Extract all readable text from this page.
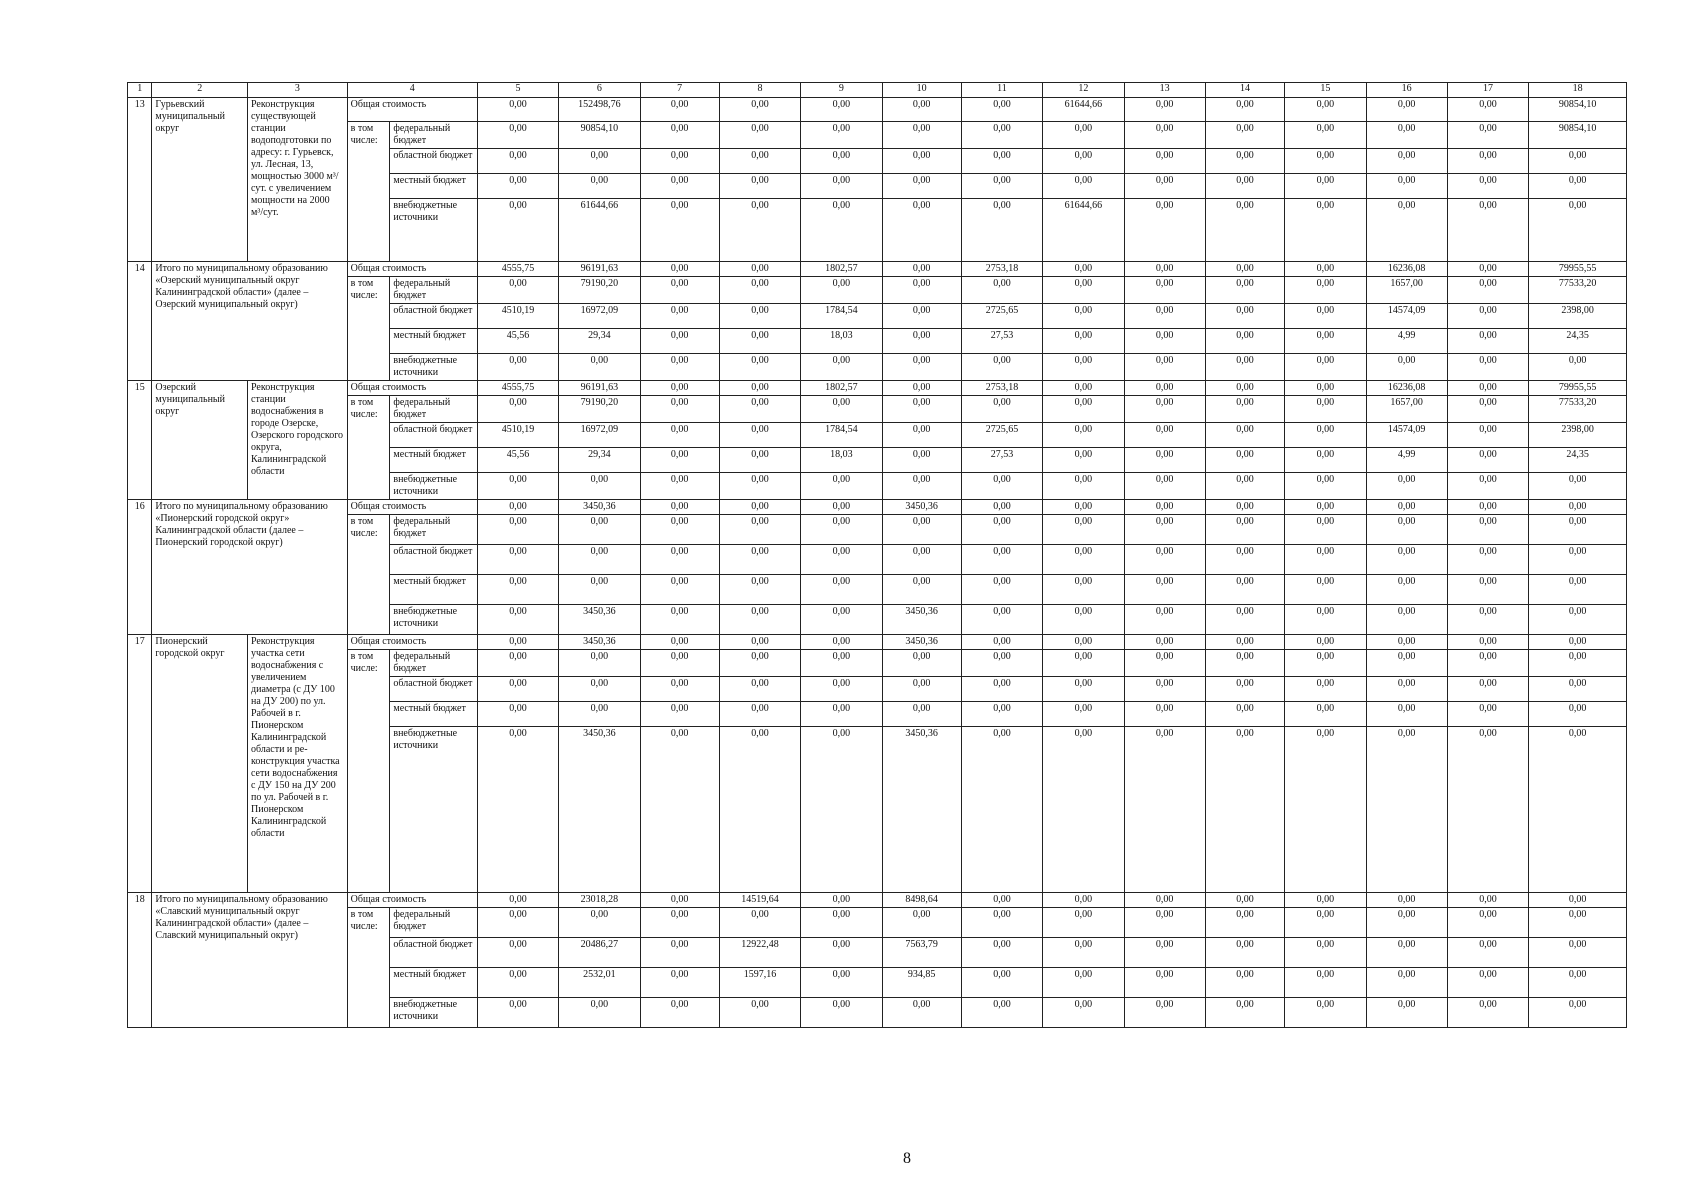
1	2	3	4		5	6	7	8	9	10	11	12	13	14	15	16	17	18
13	Гурьевский муниципальный округ	Реконструкция существующей станции водоподготовки по адресу: г. Гурьевск, ул. Лесная, 13, мощностью 3000 м³/сут. с увеличением мощности на 2000 м³/сут.	Общая стоимость		0,00	152498,76	0,00	0,00	0,00	0,00	0,00	61644,66	0,00	0,00	0,00	0,00	0,00	90854,10
			в том числе:	федеральный бюджет	0,00	90854,10	0,00	0,00	0,00	0,00	0,00	0,00	0,00	0,00	0,00	0,00	0,00	90854,10
				областной бюджет	0,00	0,00	0,00	0,00	0,00	0,00	0,00	0,00	0,00	0,00	0,00	0,00	0,00	0,00
				местный бюджет	0,00	0,00	0,00	0,00	0,00	0,00	0,00	0,00	0,00	0,00	0,00	0,00	0,00	0,00
				внебюджетные источники	0,00	61644,66	0,00	0,00	0,00	0,00	0,00	61644,66	0,00	0,00	0,00	0,00	0,00	0,00
14	Итого по муниципальному образованию «Озерский муниципальный округ Калининградской области» (далее – Озерский муниципальный округ)		Общая стоимость		4555,75	96191,63	0,00	0,00	1802,57	0,00	2753,18	0,00	0,00	0,00	0,00	16236,08	0,00	79955,55
			в том числе:	федеральный бюджет	0,00	79190,20	0,00	0,00	0,00	0,00	0,00	0,00	0,00	0,00	0,00	1657,00	0,00	77533,20
				областной бюджет	4510,19	16972,09	0,00	0,00	1784,54	0,00	2725,65	0,00	0,00	0,00	0,00	14574,09	0,00	2398,00
				местный бюджет	45,56	29,34	0,00	0,00	18,03	0,00	27,53	0,00	0,00	0,00	0,00	4,99	0,00	24,35
				внебюджетные источники	0,00	0,00	0,00	0,00	0,00	0,00	0,00	0,00	0,00	0,00	0,00	0,00	0,00	0,00
15	Озерский муниципальный округ	Реконструкция станции водоснабжения в городе Озерске, Озерского городского округа, Калининградской области	Общая стоимость		4555,75	96191,63	0,00	0,00	1802,57	0,00	2753,18	0,00	0,00	0,00	0,00	16236,08	0,00	79955,55
			в том числе:	федеральный бюджет	0,00	79190,20	0,00	0,00	0,00	0,00	0,00	0,00	0,00	0,00	0,00	1657,00	0,00	77533,20
				областной бюджет	4510,19	16972,09	0,00	0,00	1784,54	0,00	2725,65	0,00	0,00	0,00	0,00	14574,09	0,00	2398,00
				местный бюджет	45,56	29,34	0,00	0,00	18,03	0,00	27,53	0,00	0,00	0,00	0,00	4,99	0,00	24,35
				внебюджетные источники	0,00	0,00	0,00	0,00	0,00	0,00	0,00	0,00	0,00	0,00	0,00	0,00	0,00	0,00
16	Итого по муниципальному образованию «Пионерский городской округ» Калининградской области (далее – Пионерский городской округ)		Общая стоимость		0,00	3450,36	0,00	0,00	0,00	3450,36	0,00	0,00	0,00	0,00	0,00	0,00	0,00	0,00
			в том числе:	федеральный бюджет	0,00	0,00	0,00	0,00	0,00	0,00	0,00	0,00	0,00	0,00	0,00	0,00	0,00	0,00
				областной бюджет	0,00	0,00	0,00	0,00	0,00	0,00	0,00	0,00	0,00	0,00	0,00	0,00	0,00	0,00
				местный бюджет	0,00	0,00	0,00	0,00	0,00	0,00	0,00	0,00	0,00	0,00	0,00	0,00	0,00	0,00
				внебюджетные источники	0,00	3450,36	0,00	0,00	0,00	3450,36	0,00	0,00	0,00	0,00	0,00	0,00	0,00	0,00
17	Пионерский городской округ	Реконструкция участка сети водоснабжения с увеличением диаметра (с ДУ 100 на ДУ 200) по ул. Рабочей в г. Пионерском Калининградской области и ре-конструкция участка сети водоснабжения с ДУ 150 на ДУ 200 по ул. Рабочей в г. Пионерском Калининградской области	Общая стоимость		0,00	3450,36	0,00	0,00	0,00	3450,36	0,00	0,00	0,00	0,00	0,00	0,00	0,00	0,00
			в том числе:	федеральный бюджет	0,00	0,00	0,00	0,00	0,00	0,00	0,00	0,00	0,00	0,00	0,00	0,00	0,00	0,00
				областной бюджет	0,00	0,00	0,00	0,00	0,00	0,00	0,00	0,00	0,00	0,00	0,00	0,00	0,00	0,00
				местный бюджет	0,00	0,00	0,00	0,00	0,00	0,00	0,00	0,00	0,00	0,00	0,00	0,00	0,00	0,00
				внебюджетные источники	0,00	3450,36	0,00	0,00	0,00	3450,36	0,00	0,00	0,00	0,00	0,00	0,00	0,00	0,00
18	Итого по муниципальному образованию «Славский муниципальный округ Калининградской области» (далее – Славский муниципальный округ)		Общая стоимость		0,00	23018,28	0,00	14519,64	0,00	8498,64	0,00	0,00	0,00	0,00	0,00	0,00	0,00	0,00
			в том числе:	федеральный бюджет	0,00	0,00	0,00	0,00	0,00	0,00	0,00	0,00	0,00	0,00	0,00	0,00	0,00	0,00
				областной бюджет	0,00	20486,27	0,00	12922,48	0,00	7563,79	0,00	0,00	0,00	0,00	0,00	0,00	0,00	0,00
				местный бюджет	0,00	2532,01	0,00	1597,16	0,00	934,85	0,00	0,00	0,00	0,00	0,00	0,00	0,00	0,00
				внебюджетные источники	0,00	0,00	0,00	0,00	0,00	0,00	0,00	0,00	0,00	0,00	0,00	0,00	0,00	0,00
8
